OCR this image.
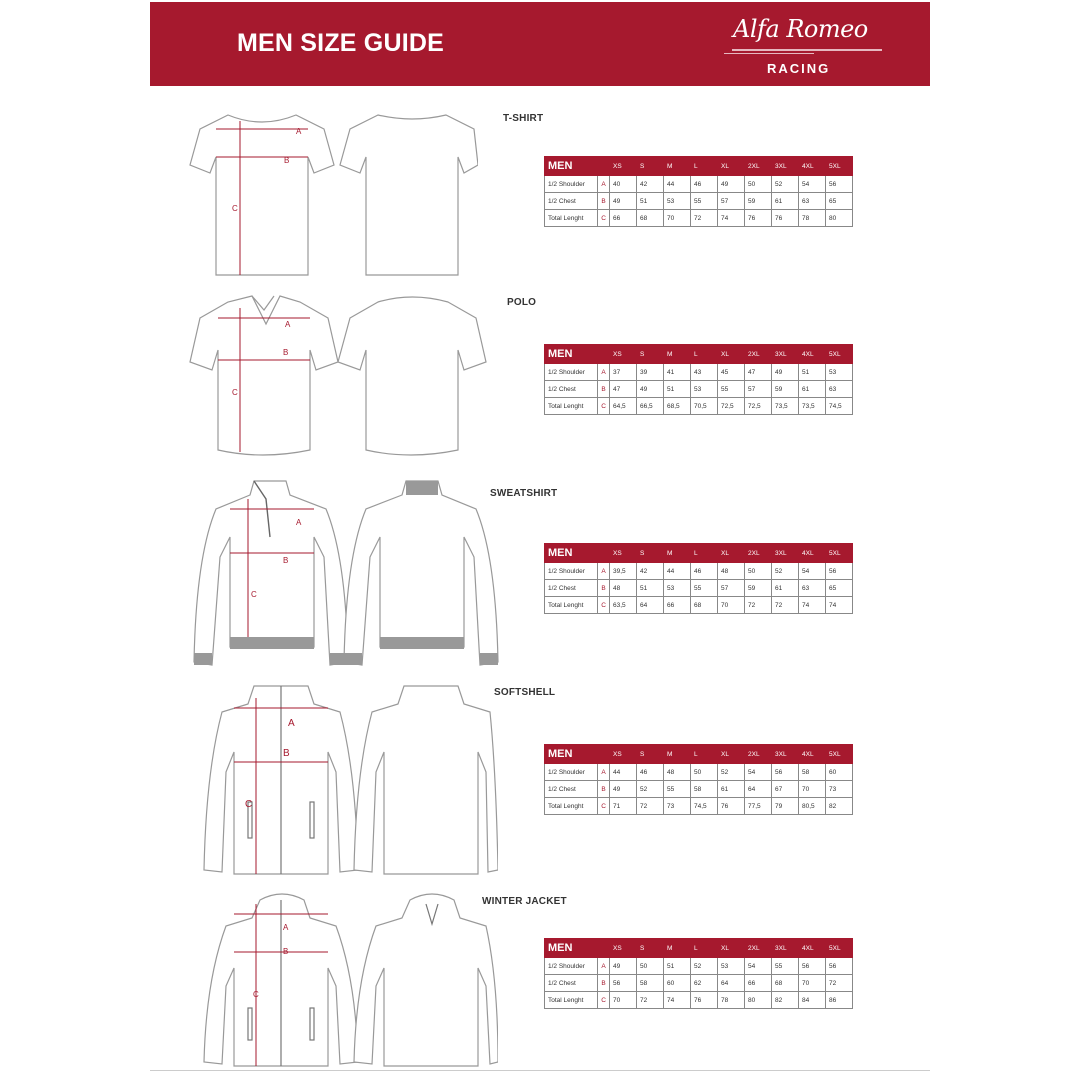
MEN SIZE GUIDE	Alfa Romeo
RACING
T-SHIRT
A
B
C
MEN		XS	S	M	L	XL	2XL	3XL	4XL	5XL
1/2 Shoulder	A	40	42	44	46	49	50	52	54	56
1/2 Chest	B	49	51	53	55	57	59	61	63	65
Total Lenght	C	66	68	70	72	74	76	76	78	80
POLO
A
B
C
MEN		XS	S	M	L	XL	2XL	3XL	4XL	5XL
1/2 Shoulder	A	37	39	41	43	45	47	49	51	53
1/2 Chest	B	47	49	51	53	55	57	59	61	63
Total Lenght	C	64,5	66,5	68,5	70,5	72,5	72,5	73,5	73,5	74,5
SWEATSHIRT
A
B
C
MEN		XS	S	M	L	XL	2XL	3XL	4XL	5XL
1/2 Shoulder	A	39,5	42	44	46	48	50	52	54	56
1/2 Chest	B	48	51	53	55	57	59	61	63	65
Total Lenght	C	63,5	64	66	68	70	72	72	74	74
SOFTSHELL
A
B
C
MEN		XS	S	M	L	XL	2XL	3XL	4XL	5XL
1/2 Shoulder	A	44	46	48	50	52	54	56	58	60
1/2 Chest	B	49	52	55	58	61	64	67	70	73
Total Lenght	C	71	72	73	74,5	76	77,5	79	80,5	82
WINTER JACKET
A
B
C
MEN		XS	S	M	L	XL	2XL	3XL	4XL	5XL
1/2 Shoulder	A	49	50	51	52	53	54	55	56	56
1/2 Chest	B	56	58	60	62	64	66	68	70	72
Total Lenght	C	70	72	74	76	78	80	82	84	86
